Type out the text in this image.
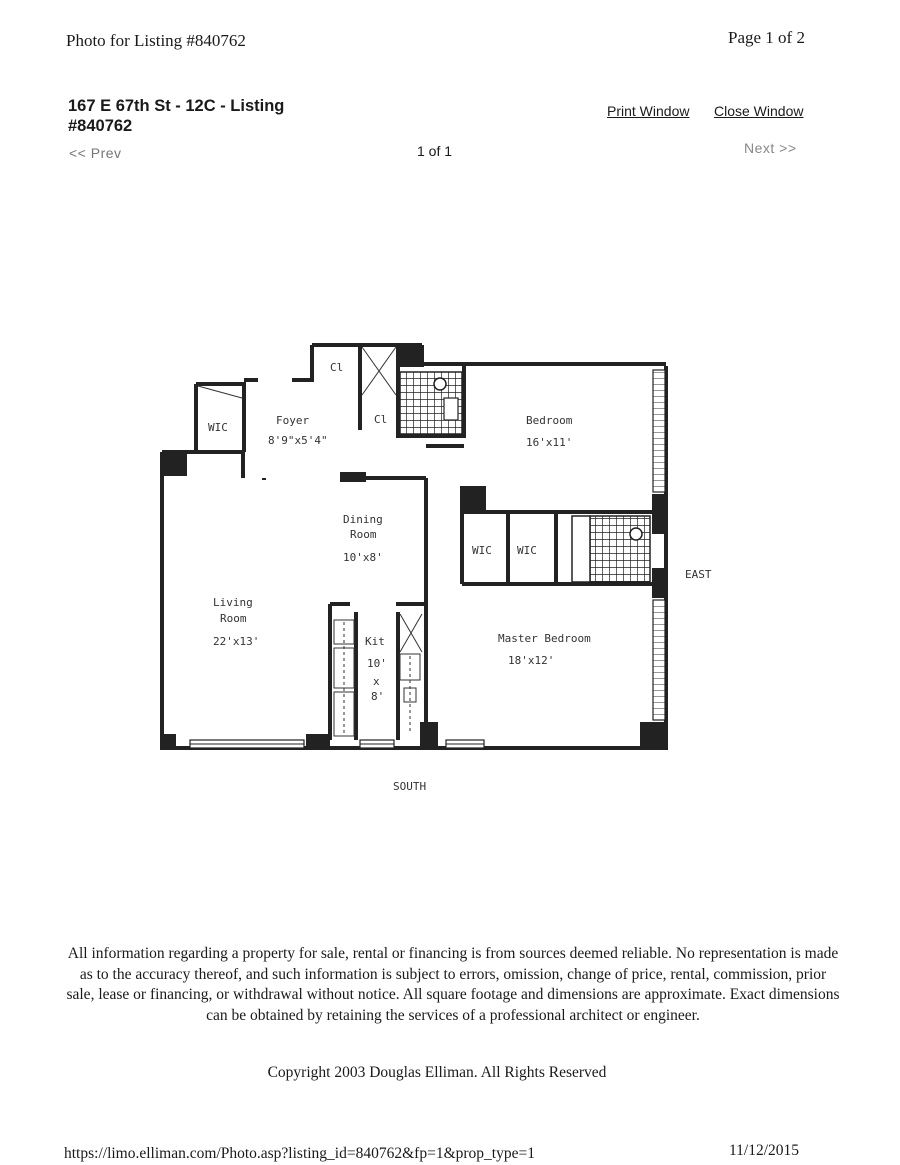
Photo for Listing #840762	Page 1 of 2
167 E 67th St - 12C - Listing #840762
Print Window Close Window
<< Prev	1 of 1	Next >>
WIC
Cl
Cl
Foyer
8'9"x5'4"
Bedroom
16'x11'
Dining
Room
10'x8'
WIC WIC
Living
Room
22'x13'	Kit
10'
x
8'
Master Bedroom
18'x12'
EAST
SOUTH
All information regarding a property for sale, rental or financing is from sources deemed reliable. No representation is made as to the accuracy thereof, and such information is subject to errors, omission, change of price, rental, commission, prior sale, lease or financing, or withdrawal without notice. All square footage and dimensions are approximate. Exact dimensions can be obtained by retaining the services of a professional architect or engineer.
Copyright 2003 Douglas Elliman. All Rights Reserved
https://limo.elliman.com/Photo.asp?listing_id=840762&fp=1&prop_type=1	11/12/2015
